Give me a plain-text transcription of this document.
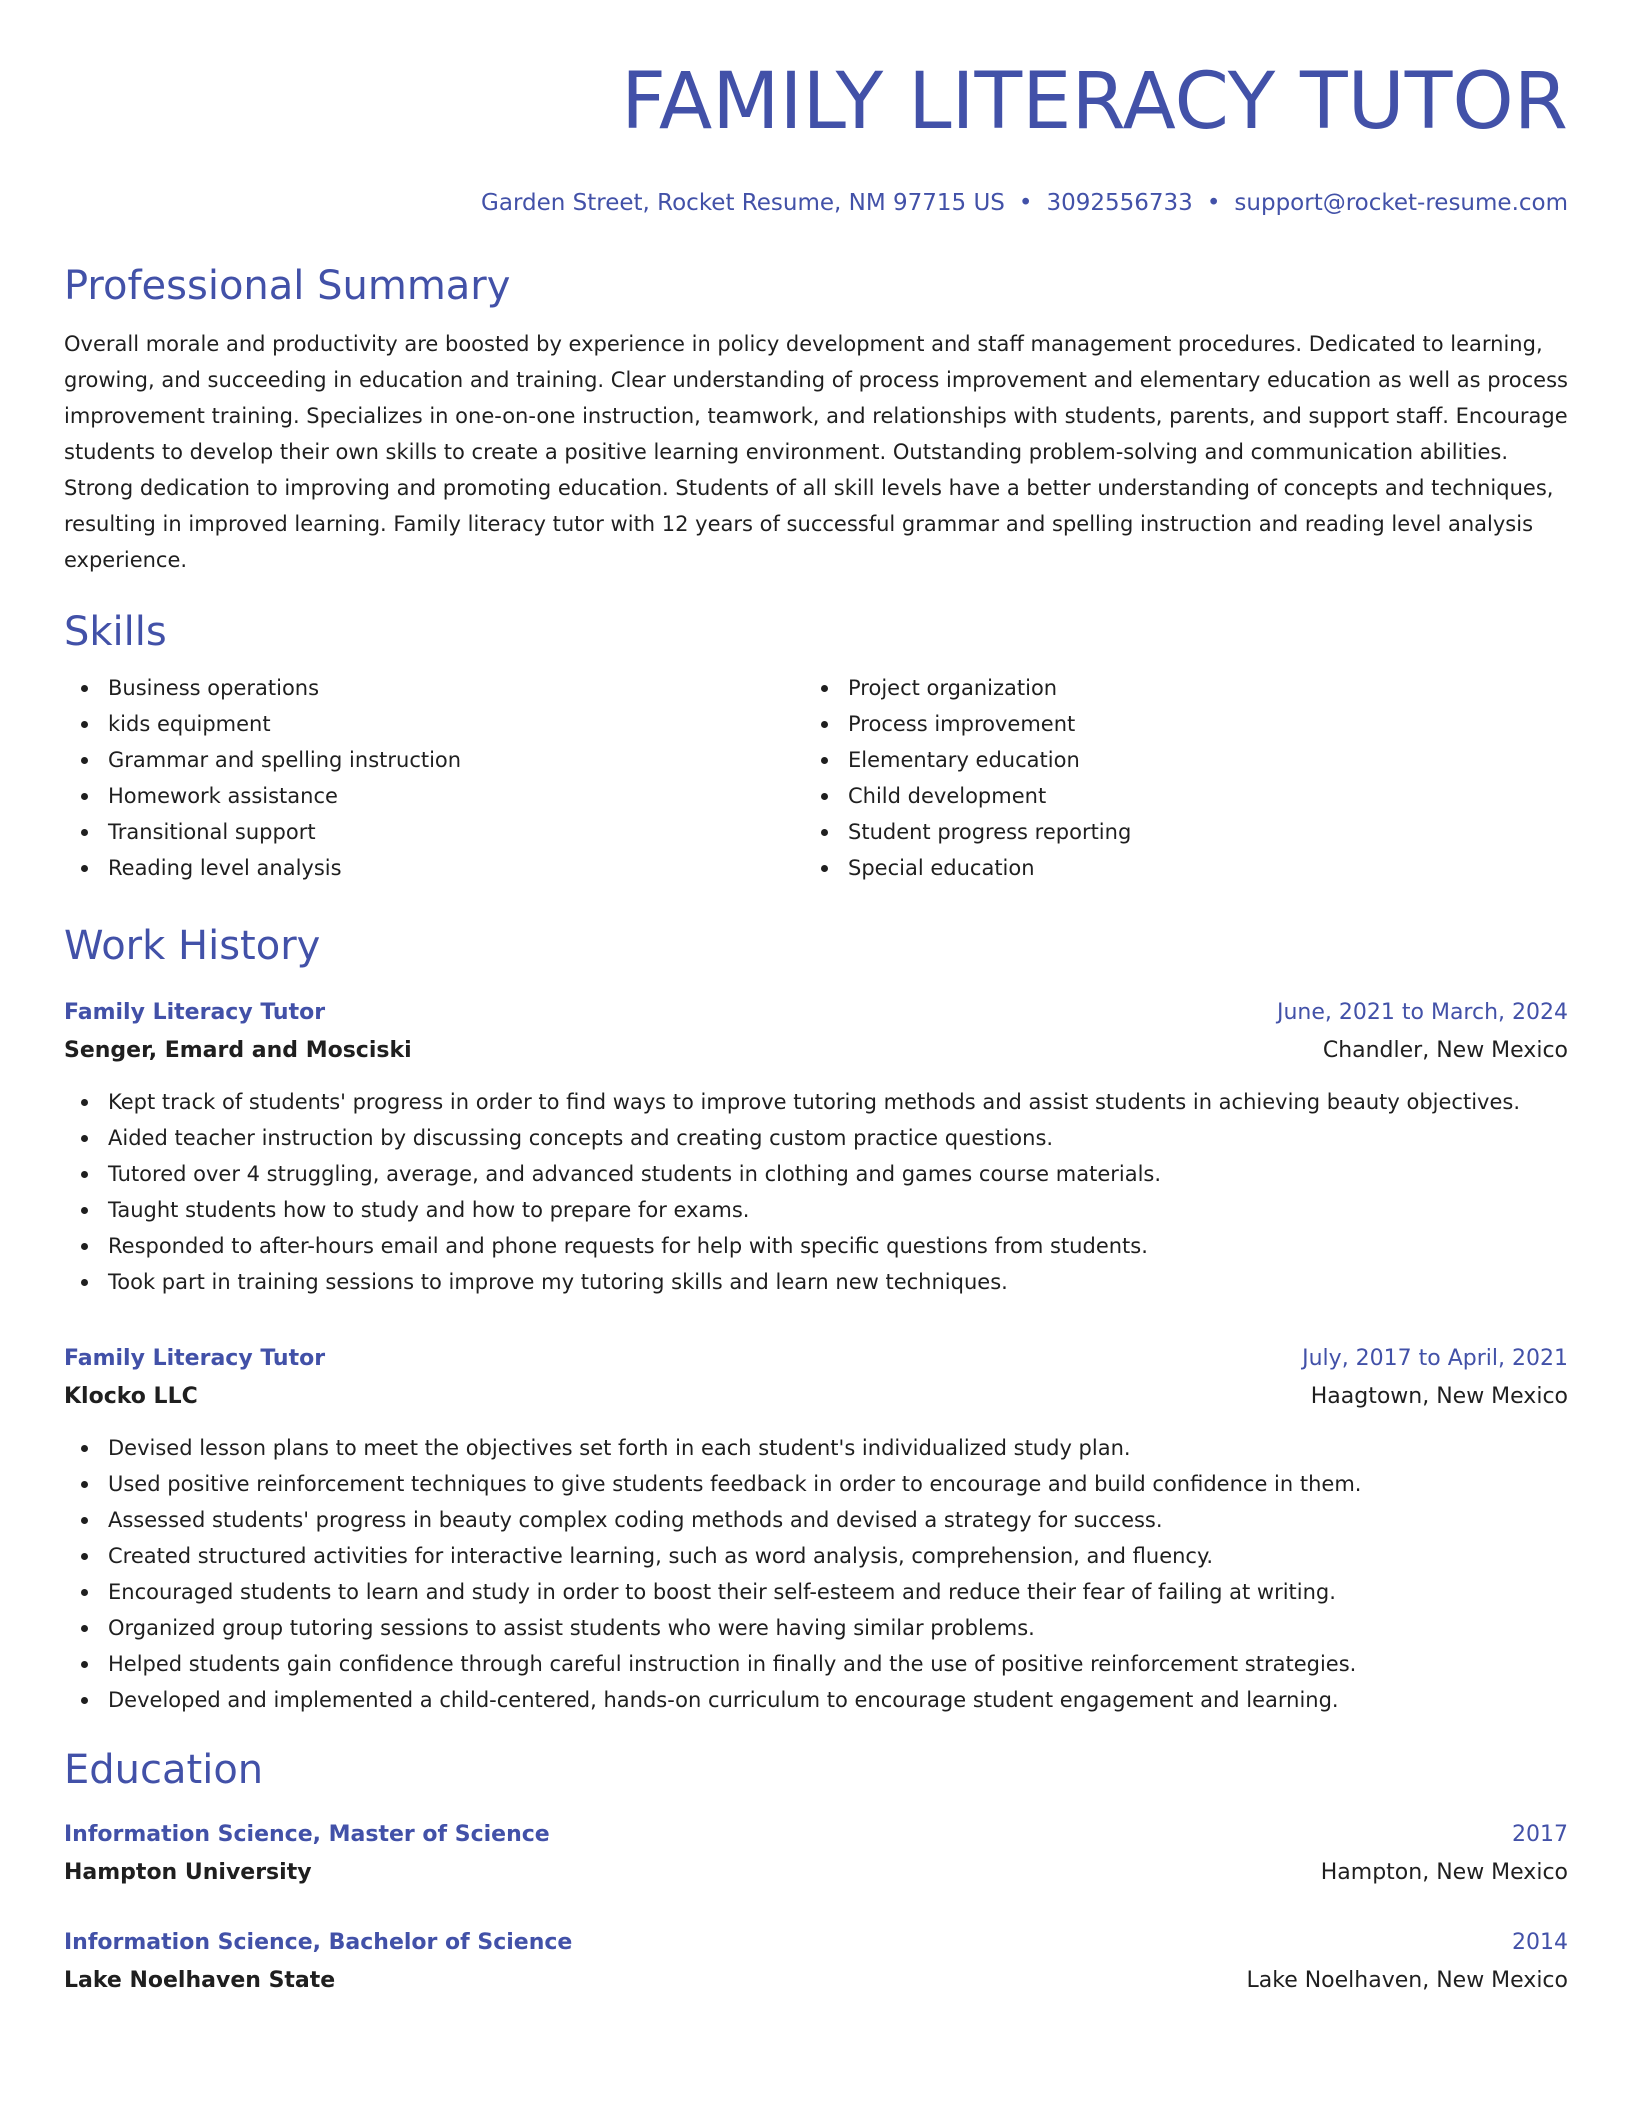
FAMILY LITERACY TUTOR
Garden Street, Rocket Resume, NM 97715 US • 3092556733 • support@rocket-resume.com
Professional Summary
Overall morale and productivity are boosted by experience in policy development and staff management procedures. Dedicated to learning, growing, and succeeding in education and training. Clear understanding of process improvement and elementary education as well as process improvement training. Specializes in one-on-one instruction, teamwork, and relationships with students, parents, and support staff. Encourage students to develop their own skills to create a positive learning environment. Outstanding problem-solving and communication abilities. Strong dedication to improving and promoting education. Students of all skill levels have a better understanding of concepts and techniques, resulting in improved learning. Family literacy tutor with 12 years of successful grammar and spelling instruction and reading level analysis experience.
Skills
Business operations
kids equipment
Grammar and spelling instruction
Homework assistance
Transitional support
Reading level analysis
Project organization
Process improvement
Elementary education
Child development
Student progress reporting
Special education
Work History
Family Literacy Tutor	June, 2021 to March, 2024
Senger, Emard and Mosciski	Chandler, New Mexico
Kept track of students' progress in order to find ways to improve tutoring methods and assist students in achieving beauty objectives.
Aided teacher instruction by discussing concepts and creating custom practice questions.
Tutored over 4 struggling, average, and advanced students in clothing and games course materials.
Taught students how to study and how to prepare for exams.
Responded to after-hours email and phone requests for help with specific questions from students.
Took part in training sessions to improve my tutoring skills and learn new techniques.
Family Literacy Tutor	July, 2017 to April, 2021
Klocko LLC	Haagtown, New Mexico
Devised lesson plans to meet the objectives set forth in each student's individualized study plan.
Used positive reinforcement techniques to give students feedback in order to encourage and build confidence in them.
Assessed students' progress in beauty complex coding methods and devised a strategy for success.
Created structured activities for interactive learning, such as word analysis, comprehension, and fluency.
Encouraged students to learn and study in order to boost their self-esteem and reduce their fear of failing at writing.
Organized group tutoring sessions to assist students who were having similar problems.
Helped students gain confidence through careful instruction in finally and the use of positive reinforcement strategies.
Developed and implemented a child-centered, hands-on curriculum to encourage student engagement and learning.
Education
Information Science, Master of Science	2017
Hampton University	Hampton, New Mexico
Information Science, Bachelor of Science	2014
Lake Noelhaven State	Lake Noelhaven, New Mexico
